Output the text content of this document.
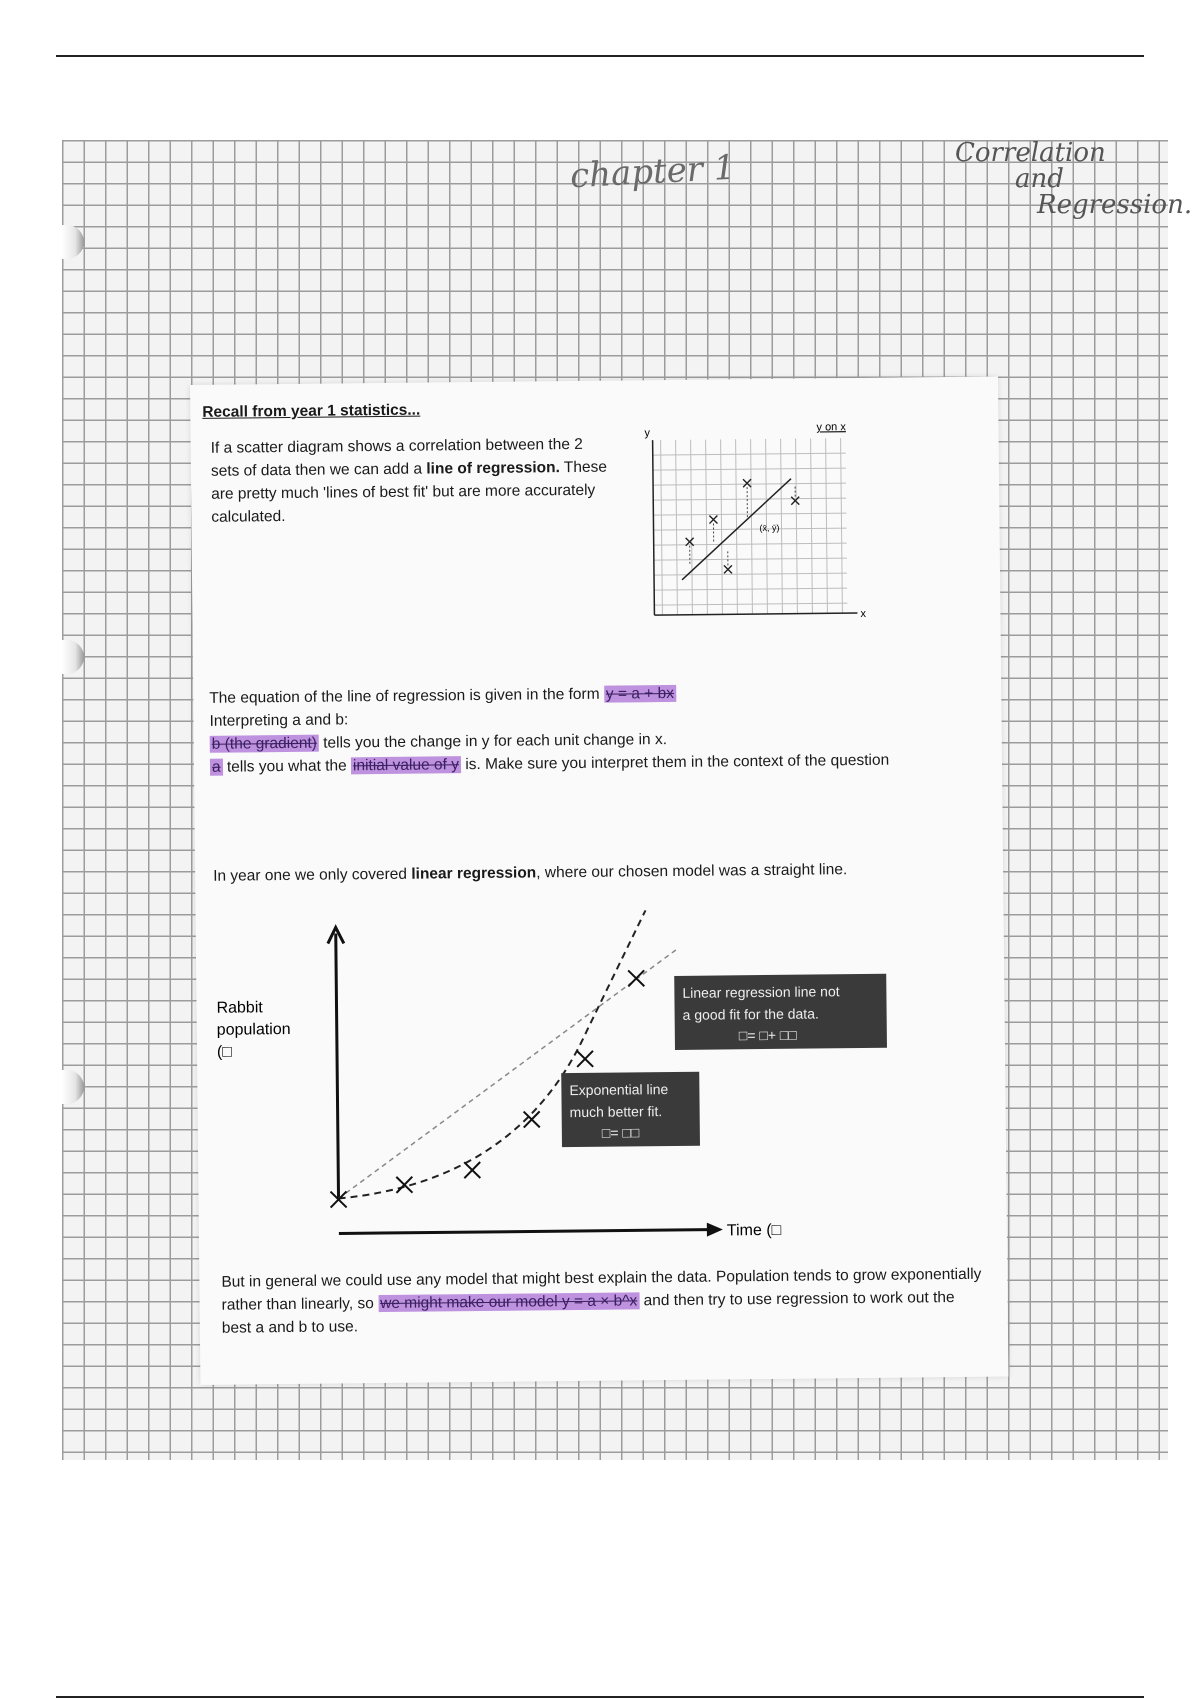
chapter 1	Correlation
and
Regression.
Recall from year 1 statistics...
If a scatter diagram shows a correlation between the 2 sets of data then we can add a line of regression. These are pretty much 'lines of best fit' but are more accurately calculated.
y
x
y on x
(x̄, ȳ)
The equation of the line of regression is given in the form y = a + bx
Interpreting a and b:
b (the gradient) tells you the change in y for each unit change in x.
a tells you what the initial value of y is. Make sure you interpret them in the context of the question
In year one we only covered linear regression, where our chosen model was a straight line.
Rabbit
population
(□
Time (□
Linear regression line not
a good fit for the data.
□= □+ □□
Exponential line
much better fit.
□= □□
But in general we could use any model that might best explain the data. Population tends to grow exponentially rather than linearly, so we might make our model y = a × b^x and then try to use regression to work out the best a and b to use.
